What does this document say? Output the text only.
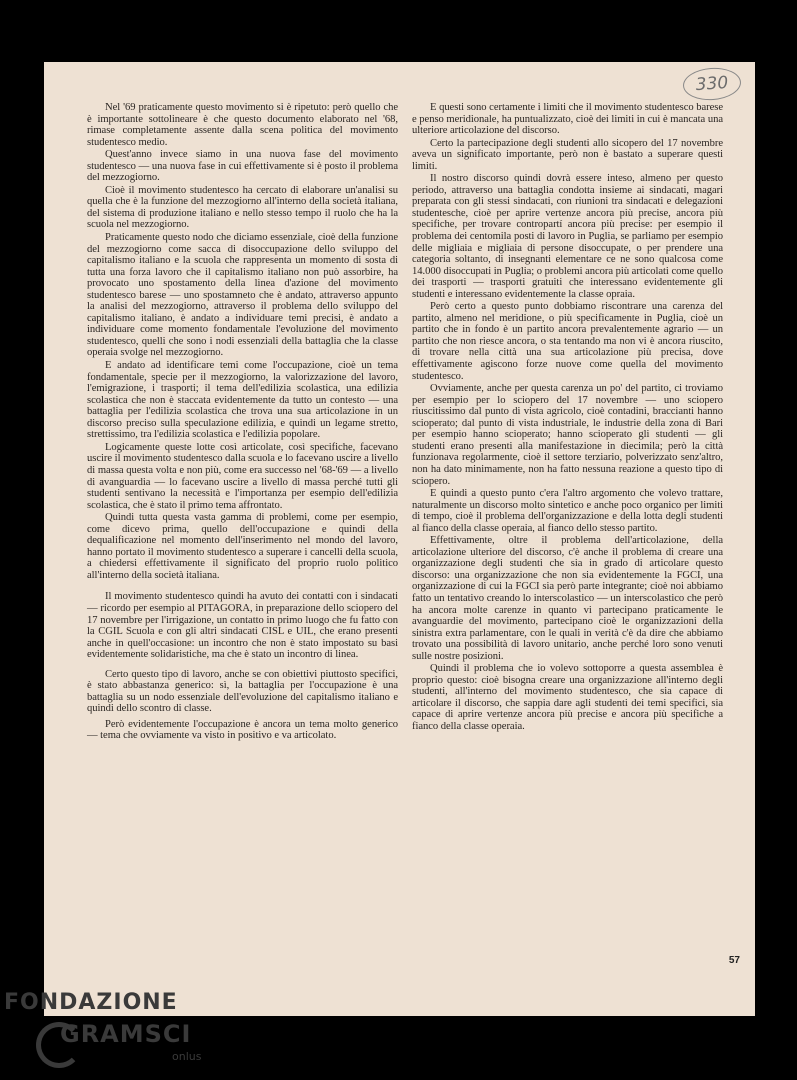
330

Nel '69 praticamente questo movimento si è ripetuto: però quello che è importante sottolineare è che questo documento elaborato nel '68, rimase completamente assente dalla scena politica del movimento studentesco medio.

Quest'anno invece siamo in una nuova fase del movimento studentesco — una nuova fase in cui effettivamente si è posto il problema del mezzogiorno.

Cioè il movimento studentesco ha cercato di elaborare un'analisi su quella che è la funzione del mezzogiorno all'interno della società italiana, del sistema di produzione italiano e nello stesso tempo il ruolo che ha la scuola nel mezzogiorno.

Praticamente questo nodo che diciamo essenziale, cioè della funzione del mezzogiorno come sacca di disoccupazione dello sviluppo del capitalismo italiano e la scuola che rappresenta un momento di sosta di tutta una forza lavoro che il capitalismo italiano non può assorbire, ha provocato uno spostamento della linea d'azione del movimento studentesco barese — uno spostamneto che è andato, attraverso appunto la analisi del mezzogiorno, attraverso il problema dello sviluppo del capitalismo italiano, è andato a individuare temi precisi, è andato a individuare come momento fondamentale l'evoluzione del movimento studentesco, quelli che sono i nodi essenziali della battaglia che la classe operaia svolge nel mezzogiorno.

E andato ad identificare temi come l'occupazione, cioè un tema fondamentale, specie per il mezzogiorno, la valorizzazione del lavoro, l'emigrazione, i trasporti; il tema dell'edilizia scolastica, una edilizia scolastica che non è staccata evidentemente da tutto un contesto — una battaglia per l'edilizia scolastica che trova una sua articolazione in un discorso preciso sulla speculazione edilizia, e quindi un legame stretto, strettissimo, tra l'edilizia scolastica e l'edilizia popolare.

Logicamente queste lotte così articolate, così specifiche, facevano uscire il movimento studentesco dalla scuola e lo facevano uscire a livello di massa questa volta e non più, come era successo nel '68-'69 — a livello di avanguardia — lo facevano uscire a livello di massa perché tutti gli studenti sentivano la necessità e l'importanza per esempio dell'edilizia scolastica, che è stato il primo tema affrontato.

Quindi tutta questa vasta gamma di problemi, come per esempio, come dicevo prima, quello dell'occupazione e quindi della dequalificazione nel momento dell'inserimento nel mondo del lavoro, hanno portato il movimento studentesco a superare i cancelli della scuola, a chiedersi effettivamente il significato del proprio ruolo politico all'interno della società italiana.

Il movimento studentesco quindi ha avuto dei contatti con i sindacati — ricordo per esempio al PITAGORA, in preparazione dello sciopero del 17 novembre per l'irrigazione, un contatto in primo luogo che fu fatto con la CGIL Scuola e con gli altri sindacati CISL e UIL, che erano presenti anche in quell'occasione: un incontro che non è stato impostato su basi evidentemente solidaristiche, ma che è stato un incontro di linea.

Certo questo tipo di lavoro, anche se con obiettivi piuttosto specifici, è stato abbastanza generico: sì, la battaglia per l'occupazione è una battaglia su un nodo essenziale dell'evoluzione del capitalismo italiano e quindi dello scontro di classe.

Però evidentemente l'occupazione è ancora un tema molto generico — tema che ovviamente va visto in positivo e va articolato.

E questi sono certamente i limiti che il movimento studentesco barese e penso meridionale, ha puntualizzato, cioè dei limiti in cui è mancata una ulteriore articolazione del discorso.

Certo la partecipazione degli studenti allo sicopero del 17 novembre aveva un significato importante, però non è bastato a superare questi limiti.

Il nostro discorso quindi dovrà essere inteso, almeno per questo periodo, attraverso una battaglia condotta insieme ai sindacati, magari preparata con gli stessi sindacati, con riunioni tra sindacati e delegazioni studentesche, cioè per aprire vertenze ancora più precise, ancora più specifiche, per trovare contropartí ancora più precise: per esempio il problema dei centomila posti di lavoro in Puglia, se parliamo per esempio delle migliaia e migliaia di persone disoccupate, o per prendere una categoria soltanto, di insegnanti elementare ce ne sono qualcosa come 14.000 disoccupati in Puglia; o problemi ancora più articolati come quello dei trasporti — trasporti gratuiti che interessano evidentemente gli studenti e interessano evidentemente la classe opraia.

Però certo a questo punto dobbiamo riscontrare una carenza del partito, almeno nel meridione, o più specificamente in Puglia, cioè un partito che in fondo è un partito ancora prevalentemente agrario — un partito che non riesce ancora, o sta tentando ma non vi è ancora riuscito, di trovare nella città una sua articolazione più precisa, dove effettivamente agiscono forze nuove come quella del movimento studentesco.

Ovviamente, anche per questa carenza un po' del partito, ci troviamo per esempio per lo sciopero del 17 novembre — uno sciopero riuscitissimo dal punto di vista agricolo, cioè contadini, braccianti hanno scioperato; dal punto di vista industriale, le industrie della zona di Bari per esempio hanno scioperato; hanno scioperato gli studenti — gli studenti erano presenti alla manifestazione in diecimila; però la città funzionava regolarmente, cioè il settore terziario, polverizzato senz'altro, non ha dato minimamente, non ha fatto nessuna reazione a questo tipo di sciopero.

E quindi a questo punto c'era l'altro argomento che volevo trattare, naturalmente un discorso molto sintetico e anche poco organico per limiti di tempo, cioè il problema dell'organizzazione e della lotta degli studenti al fianco della classe operaia, al fianco dello stesso partito.

Effettivamente, oltre il problema dell'articolazione, della articolazione ulteriore del discorso, c'è anche il problema di creare una organizzazione degli studenti che sia in grado di articolare questo discorso: una organizzazione che non sia evidentemente la FGCI, una organizzazione di cui la FGCI sia però parte integrante; cioè noi abbiamo fatto un tentativo creando lo interscolastico — un interscolastico che però ha ancora molte carenze in quanto vi partecipano praticamente le avanguardie del movimento, partecipano cioè le organizzazioni della sinistra extra parlamentare, con le quali in verità c'è da dire che abbiamo trovato una possibilità di lavoro unitario, anche perché loro sono venuti sulle nostre posizioni.

Quindi il problema che io volevo sottoporre a questa assemblea è proprio questo: cioè bisogna creare una organizzazione all'interno degli studenti, all'interno del movimento studentesco, che sia capace di articolare il discorso, che sappia dare agli studenti dei temi specifici, sia capace di aprire vertenze ancora più precise e ancora più specifiche a fianco della classe operaia.

57
FONDAZIONE
GRAMSCI
onlus
